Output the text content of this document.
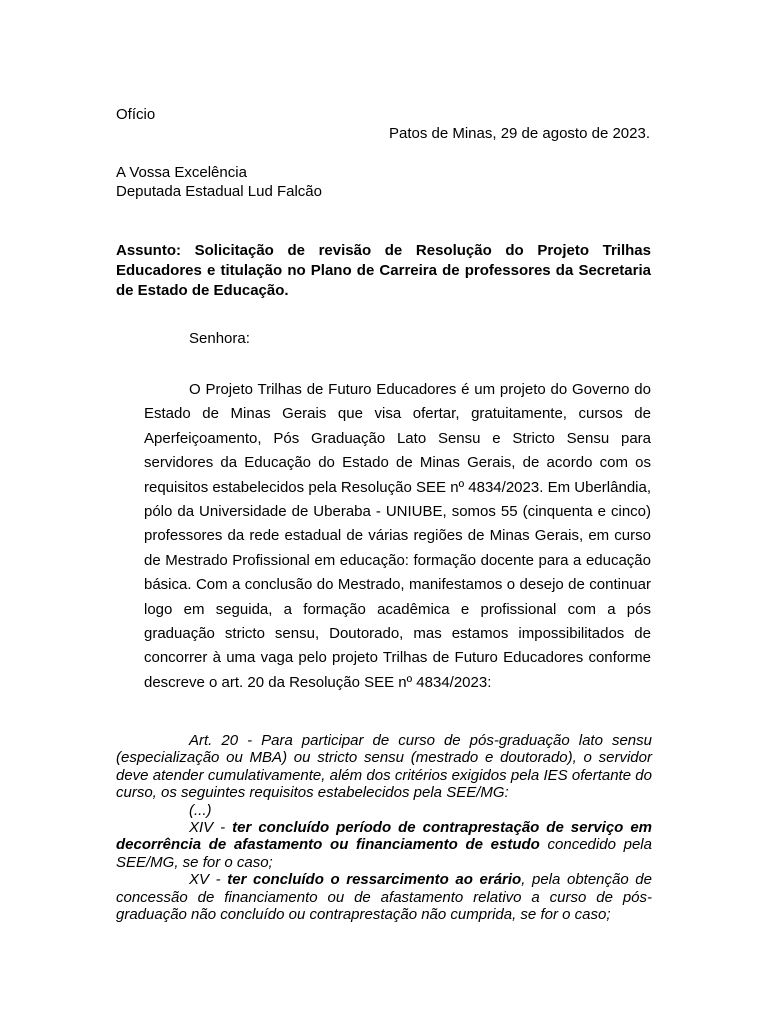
Ofício
Patos de Minas, 29 de agosto de 2023.
A Vossa Excelência
Deputada Estadual Lud Falcão
Assunto: Solicitação de revisão de Resolução do Projeto Trilhas Educadores e titulação no Plano de Carreira de professores da Secretaria de Estado de Educação.
Senhora:

O Projeto Trilhas de Futuro Educadores é um projeto do Governo do Estado de Minas Gerais que visa ofertar, gratuitamente, cursos de Aperfeiçoamento, Pós Graduação Lato Sensu e Stricto Sensu para servidores da Educação do Estado de Minas Gerais, de acordo com os requisitos estabelecidos pela Resolução SEE nº 4834/2023. Em Uberlândia, pólo da Universidade de Uberaba - UNIUBE, somos 55 (cinquenta e cinco) professores da rede estadual de várias regiões de Minas Gerais, em curso de Mestrado Profissional em educação: formação docente para a educação básica. Com a conclusão do Mestrado, manifestamos o desejo de continuar logo em seguida, a formação acadêmica e profissional com a pós graduação stricto sensu, Doutorado, mas estamos impossibilitados de concorrer à uma vaga pelo projeto Trilhas de Futuro Educadores conforme descreve o art. 20 da Resolução SEE nº 4834/2023:

Art. 20 - Para participar de curso de pós-graduação lato sensu (especialização ou MBA) ou stricto sensu (mestrado e doutorado), o servidor deve atender cumulativamente, além dos critérios exigidos pela IES ofertante do curso, os seguintes requisitos estabelecidos pela SEE/MG:

(...)

XIV - ter concluído período de contraprestação de serviço em decorrência de afastamento ou financiamento de estudo concedido pela SEE/MG, se for o caso;

XV - ter concluído o ressarcimento ao erário, pela obtenção de concessão de financiamento ou de afastamento relativo a curso de pós-graduação não concluído ou contraprestação não cumprida, se for o caso;
